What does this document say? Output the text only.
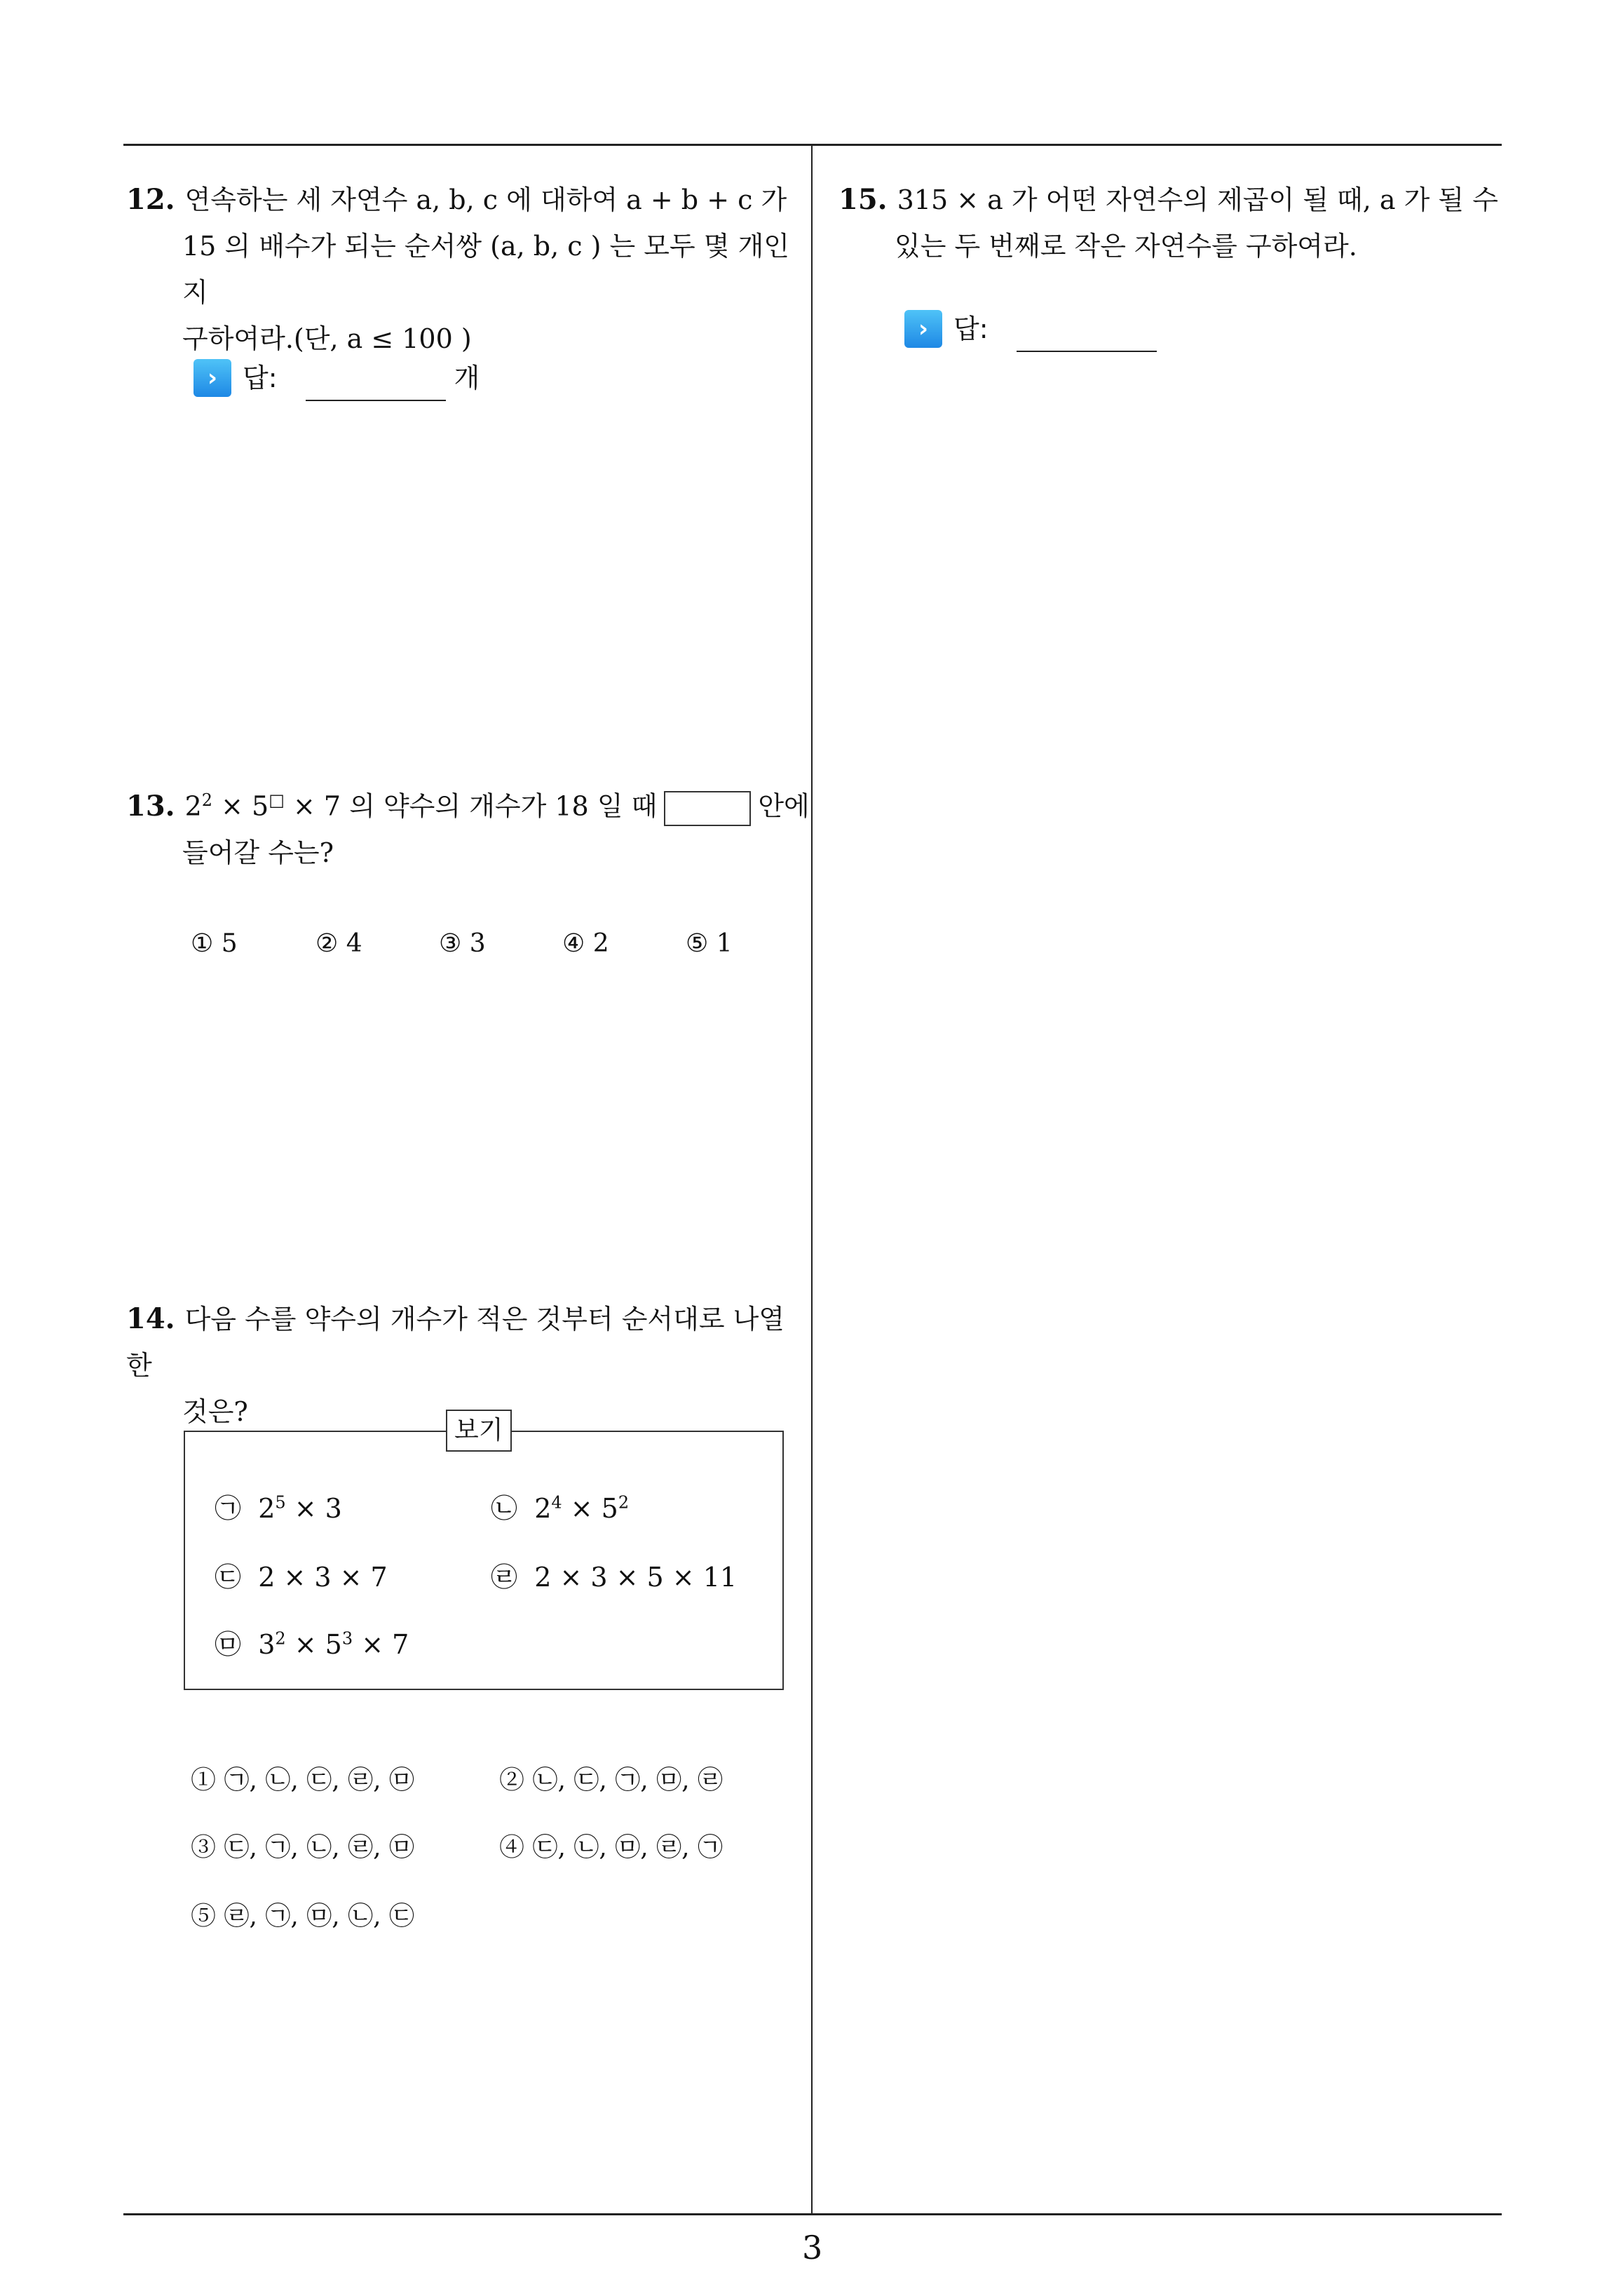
12. 연속하는 세 자연수 a, b, c 에 대하여 a + b + c 가
15 의 배수가 되는 순서쌍 (a, b, c ) 는 모두 몇 개인지
구하여라.(단, a ≤ 100 )
› 답:	개
13. $2^2 \times 5^□ \times 7$ 의 약수의 개수가 18 일 때	안에
들어갈 수는?
① 5	② 4	③ 3	④ 2	⑤ 1
14. 다음 수를 약수의 개수가 적은 것부터 순서대로 나열한
것은?
보기
㉠ $2^5 \times 3$	㉡ $2^4 \times 5^2$
㉢ 2 × 3 × 7	㉣ 2 × 3 × 5 × 11
㉤ $3^2 \times 5^3 \times 7$
① ㉠, ㉡, ㉢, ㉣, ㉤	② ㉡, ㉢, ㉠, ㉤, ㉣
③ ㉢, ㉠, ㉡, ㉣, ㉤	④ ㉢, ㉡, ㉤, ㉣, ㉠
⑤ ㉣, ㉠, ㉤, ㉡, ㉢
15. 315 × a 가 어떤 자연수의 제곱이 될 때, a 가 될 수
있는 두 번째로 작은 자연수를 구하여라.
› 답:
3
